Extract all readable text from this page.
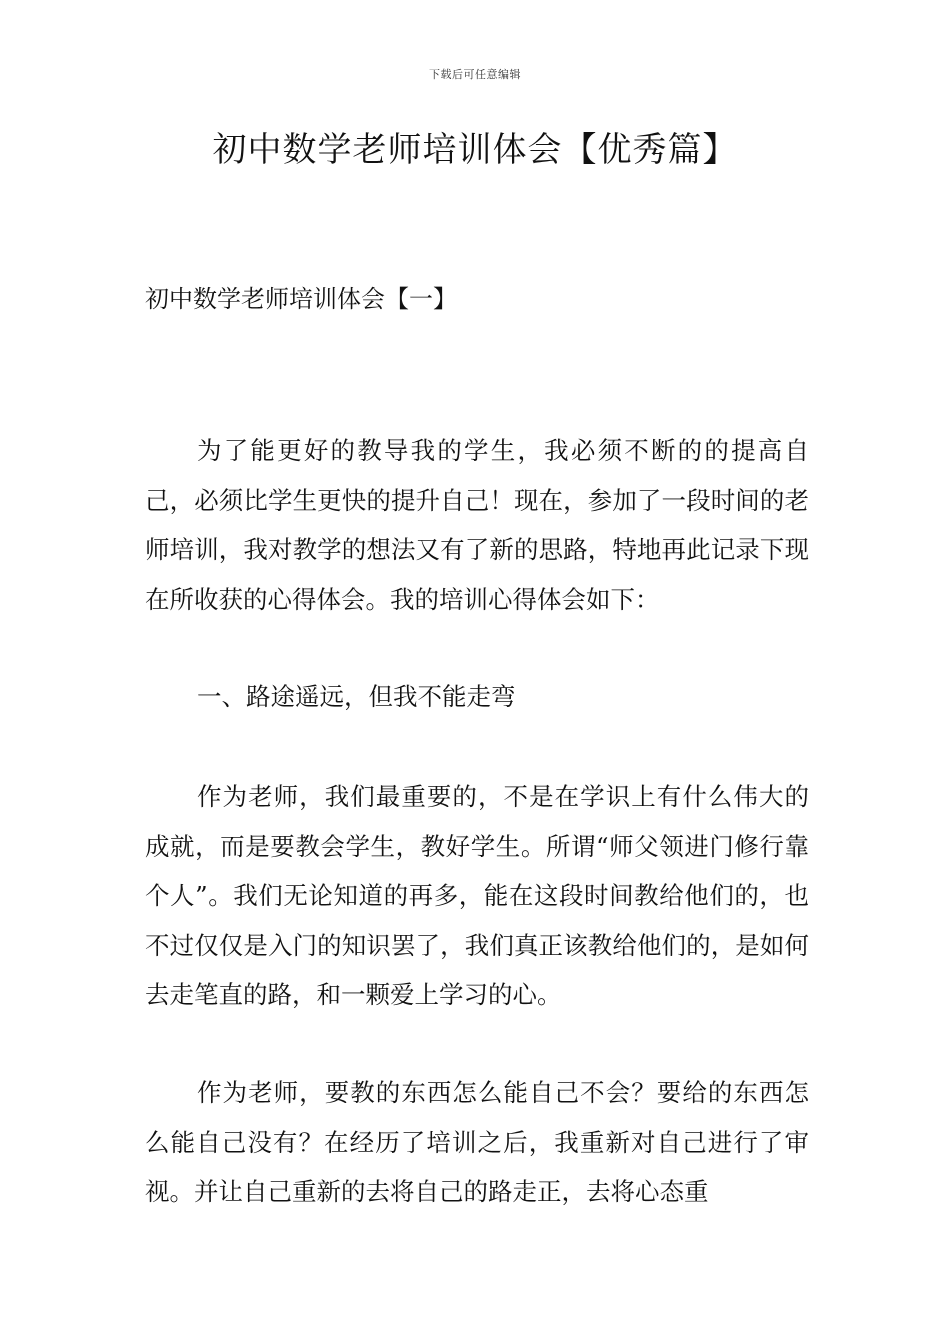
下载后可任意编辑
初中数学老师培训体会【优秀篇】
初中数学老师培训体会【一】

为了能更好的教导我的学生，我必须不断的的提高自己，必须比学生更快的提升自己！现在，参加了一段时间的老师培训，我对教学的想法又有了新的思路，特地再此记录下现在所收获的心得体会。我的培训心得体会如下：

一、路途遥远，但我不能走弯

作为老师，我们最重要的，不是在学识上有什么伟大的成就，而是要教会学生，教好学生。所谓“师父领进门修行靠个人”。我们无论知道的再多，能在这段时间教给他们的，也不过仅仅是入门的知识罢了，我们真正该教给他们的，是如何去走笔直的路，和一颗爱上学习的心。

作为老师，要教的东西怎么能自己不会？要给的东西怎么能自己没有？在经历了培训之后，我重新对自己进行了审视。并让自己重新的去将自己的路走正，去将心态重
